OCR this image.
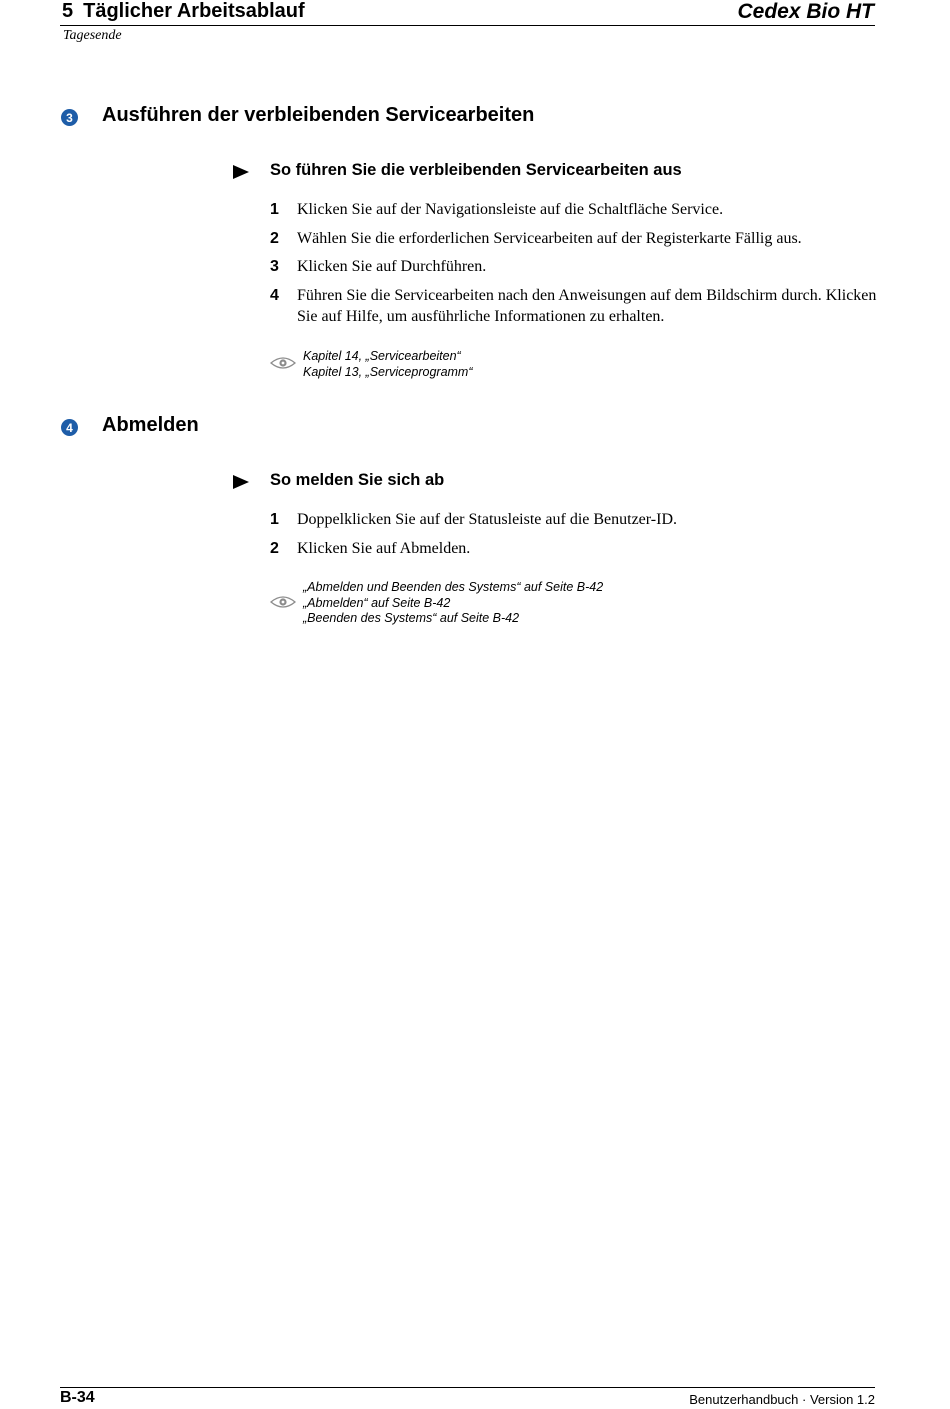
5 Täglicher Arbeitsablauf	Cedex Bio HT
Tagesende
3 Ausführen der verbleibenden Servicearbeiten
So führen Sie die verbleibenden Servicearbeiten aus
1	Klicken Sie auf der Navigationsleiste auf die Schaltfläche Service.
2	Wählen Sie die erforderlichen Servicearbeiten auf der Registerkarte Fällig aus.
3	Klicken Sie auf Durchführen.
4	Führen Sie die Servicearbeiten nach den Anweisungen auf dem Bildschirm durch. Klicken Sie auf Hilfe, um ausführliche Informationen zu erhalten.
Kapitel 14, „Servicearbeiten“
Kapitel 13, „Serviceprogramm“
4 Abmelden
So melden Sie sich ab
1	Doppelklicken Sie auf der Statusleiste auf die Benutzer-ID.
2	Klicken Sie auf Abmelden.
„Abmelden und Beenden des Systems“ auf Seite B-42
„Abmelden“ auf Seite B-42
„Beenden des Systems“ auf Seite B-42
B-34	Benutzerhandbuch · Version 1.2
